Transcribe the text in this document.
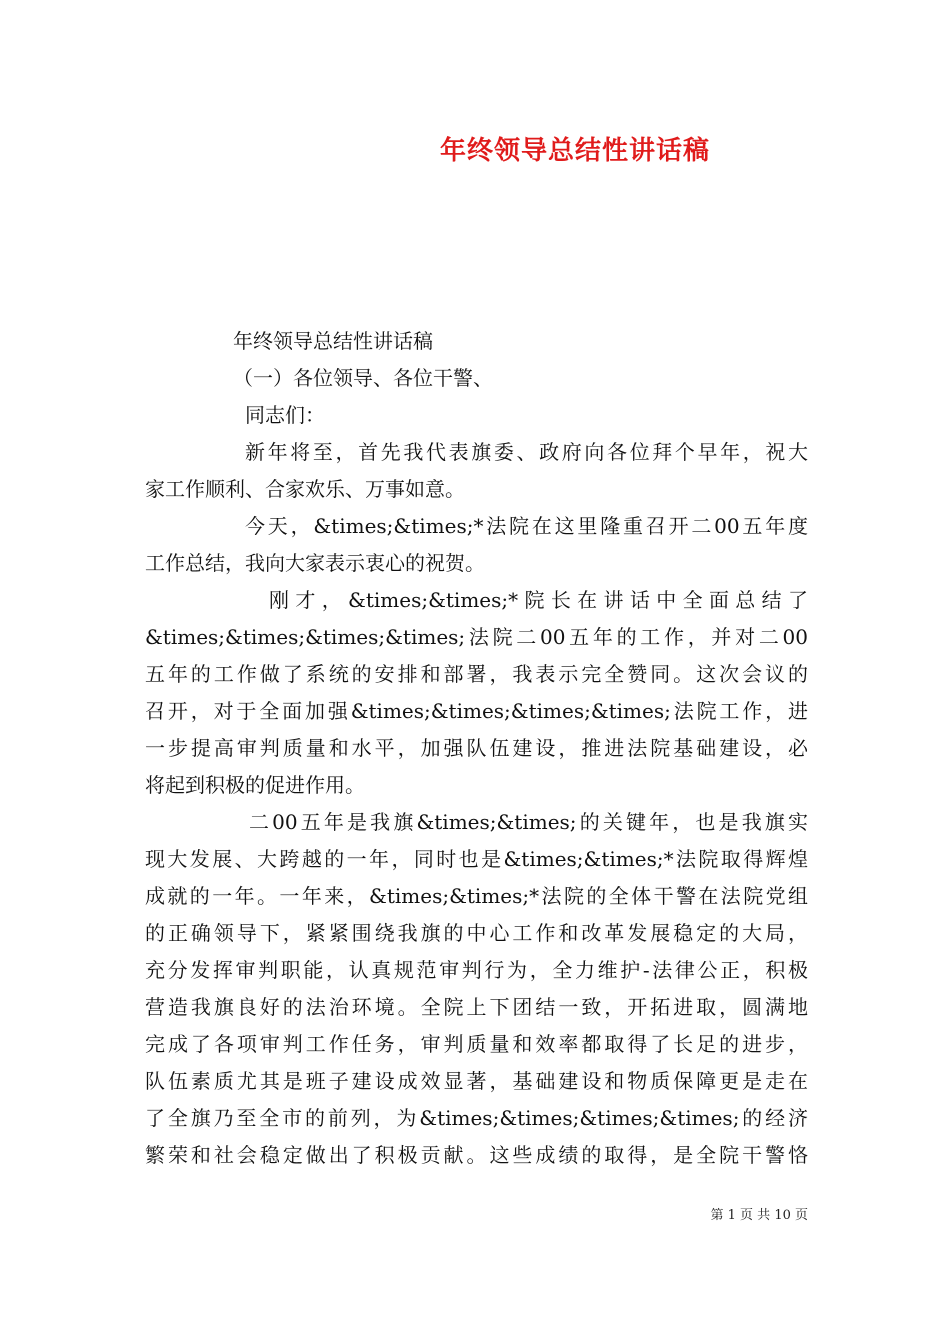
年终领导总结性讲话稿
年终领导总结性讲话稿
（一）各位领导、各位干警、
同志们：
新年将至，首先我代表旗委、政府向各位拜个早年，祝大
家工作顺利、合家欢乐、万事如意。
今天，&times;&times;*法院在这里隆重召开二00五年度
工作总结，我向大家表示衷心的祝贺。
刚才，&times;&times;*院长在讲话中全面总结了
&times;&times;&times;&times;法院二00五年的工作，并对二00
五年的工作做了系统的安排和部署，我表示完全赞同。这次会议的
召开，对于全面加强&times;&times;&times;&times;法院工作，进
一步提高审判质量和水平，加强队伍建设，推进法院基础建设，必
将起到积极的促进作用。
二00五年是我旗&times;&times;的关键年，也是我旗实
现大发展、大跨越的一年，同时也是&times;&times;*法院取得辉煌
成就的一年。一年来，&times;&times;*法院的全体干警在法院党组
的正确领导下，紧紧围绕我旗的中心工作和改革发展稳定的大局，
充分发挥审判职能，认真规范审判行为，全力维护-法律公正，积极
营造我旗良好的法治环境。全院上下团结一致，开拓进取，圆满地
完成了各项审判工作任务，审判质量和效率都取得了长足的进步，
队伍素质尤其是班子建设成效显著，基础建设和物质保障更是走在
了全旗乃至全市的前列，为&times;&times;&times;&times;的经济
繁荣和社会稳定做出了积极贡献。这些成绩的取得，是全院干警恪
第 1 页 共 10 页
